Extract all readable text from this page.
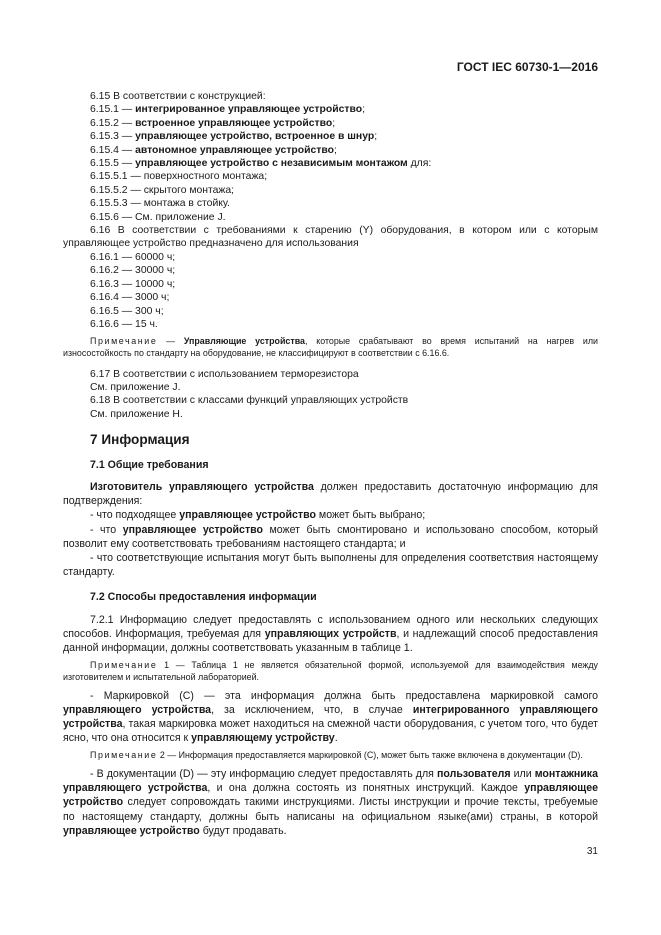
ГОСТ IEC 60730-1—2016

6.15 В соответствии с конструкцией:

6.15.1 — интегрированное управляющее устройство;

6.15.2 — встроенное управляющее устройство;

6.15.3 — управляющее устройство, встроенное в шнур;

6.15.4 — автономное управляющее устройство;

6.15.5 — управляющее устройство с независимым монтажом для:

6.15.5.1 — поверхностного монтажа;

6.15.5.2 — скрытого монтажа;

6.15.5.3 — монтажа в стойку.

6.15.6 — См. приложение J.

6.16 В соответствии с требованиями к старению (Y) оборудования, в котором или с которым управляющее устройство предназначено для использования

6.16.1 — 60000 ч;

6.16.2 — 30000 ч;

6.16.3 — 10000 ч;

6.16.4 — 3000 ч;

6.16.5 — 300 ч;

6.16.6 — 15 ч.

Примечание — Управляющие устройства, которые срабатывают во время испытаний на нагрев или износостойкость по стандарту на оборудование, не классифицируют в соответствии с 6.16.6.

6.17 В соответствии с использованием терморезистора

См. приложение J.

6.18 В соответствии с классами функций управляющих устройств

См. приложение Н.

7 Информация
7.1 Общие требования

Изготовитель управляющего устройства должен предоставить достаточную информацию для подтверждения:

- что подходящее управляющее устройство может быть выбрано;

- что управляющее устройство может быть смонтировано и использовано способом, который позволит ему соответствовать требованиям настоящего стандарта; и

- что соответствующие испытания могут быть выполнены для определения соответствия настоящему стандарту.

7.2 Способы предоставления информации

7.2.1 Информацию следует предоставлять с использованием одного или нескольких следующих способов. Информация, требуемая для управляющих устройств, и надлежащий способ предоставления данной информации, должны соответствовать указанным в таблице 1.

Примечание 1 — Таблица 1 не является обязательной формой, используемой для взаимодействия между изготовителем и испытательной лабораторией.

- Маркировкой (С) — эта информация должна быть предоставлена маркировкой самого управляющего устройства, за исключением, что, в случае интегрированного управляющего устройства, такая маркировка может находиться на смежной части оборудования, с учетом того, что будет ясно, что она относится к управляющему устройству.

Примечание 2 — Информация предоставляется маркировкой (С), может быть также включена в документации (D).

- В документации (D) — эту информацию следует предоставлять для пользователя или монтажника управляющего устройства, и она должна состоять из понятных инструкций. Каждое управляющее устройство следует сопровождать такими инструкциями. Листы инструкции и прочие тексты, требуемые по настоящему стандарту, должны быть написаны на официальном языке(ами) страны, в которой управляющее устройство будут продавать.

31
